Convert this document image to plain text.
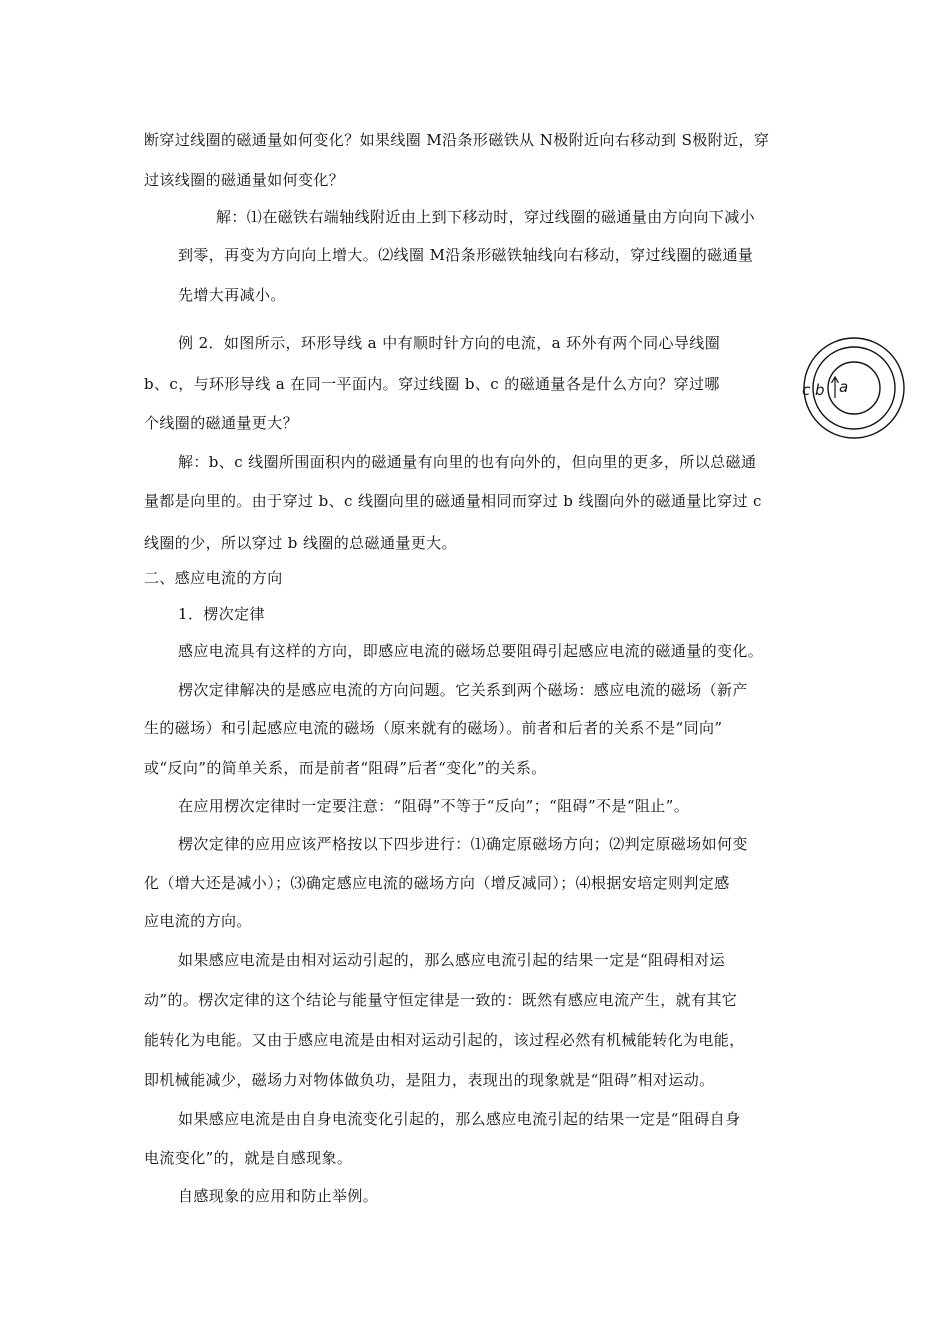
断穿过线圈的磁通量如何变化？如果线圈 M沿条形磁铁从 N极附近向右移动到 S极附近，穿
过该线圈的磁通量如何变化？
解：⑴在磁铁右端轴线附近由上到下移动时，穿过线圈的磁通量由方向向下减小
到零，再变为方向向上增大。⑵线圈 M沿条形磁铁轴线向右移动，穿过线圈的磁通量
先增大再减小。
例 2．如图所示，环形导线 a 中有顺时针方向的电流，a 环外有两个同心导线圈
b、c，与环形导线 a 在同一平面内。穿过线圈 b、c 的磁通量各是什么方向？穿过哪
个线圈的磁通量更大？
解：b、c 线圈所围面积内的磁通量有向里的也有向外的，但向里的更多，所以总磁通
量都是向里的。由于穿过 b、c 线圈向里的磁通量相同而穿过 b 线圈向外的磁通量比穿过 c
线圈的少，所以穿过 b 线圈的总磁通量更大。
二、感应电流的方向
1．楞次定律
感应电流具有这样的方向，即感应电流的磁场总要阻碍引起感应电流的磁通量的变化。
楞次定律解决的是感应电流的方向问题。它关系到两个磁场：感应电流的磁场（新产
生的磁场）和引起感应电流的磁场（原来就有的磁场）。前者和后者的关系不是“同向”
或“反向”的简单关系，而是前者“阻碍”后者“变化”的关系。
在应用楞次定律时一定要注意：“阻碍”不等于“反向”；“阻碍”不是“阻止”。
楞次定律的应用应该严格按以下四步进行：⑴确定原磁场方向；⑵判定原磁场如何变
化（增大还是减小）；⑶确定感应电流的磁场方向（增反减同）；⑷根据安培定则判定感
应电流的方向。
如果感应电流是由相对运动引起的，那么感应电流引起的结果一定是“阻碍相对运
动”的。楞次定律的这个结论与能量守恒定律是一致的：既然有感应电流产生，就有其它
能转化为电能。又由于感应电流是由相对运动引起的，该过程必然有机械能转化为电能，
即机械能减少，磁场力对物体做负功，是阻力，表现出的现象就是“阻碍”相对运动。
如果感应电流是由自身电流变化引起的，那么感应电流引起的结果一定是“阻碍自身
电流变化”的，就是自感现象。
自感现象的应用和防止举例。
c b a
